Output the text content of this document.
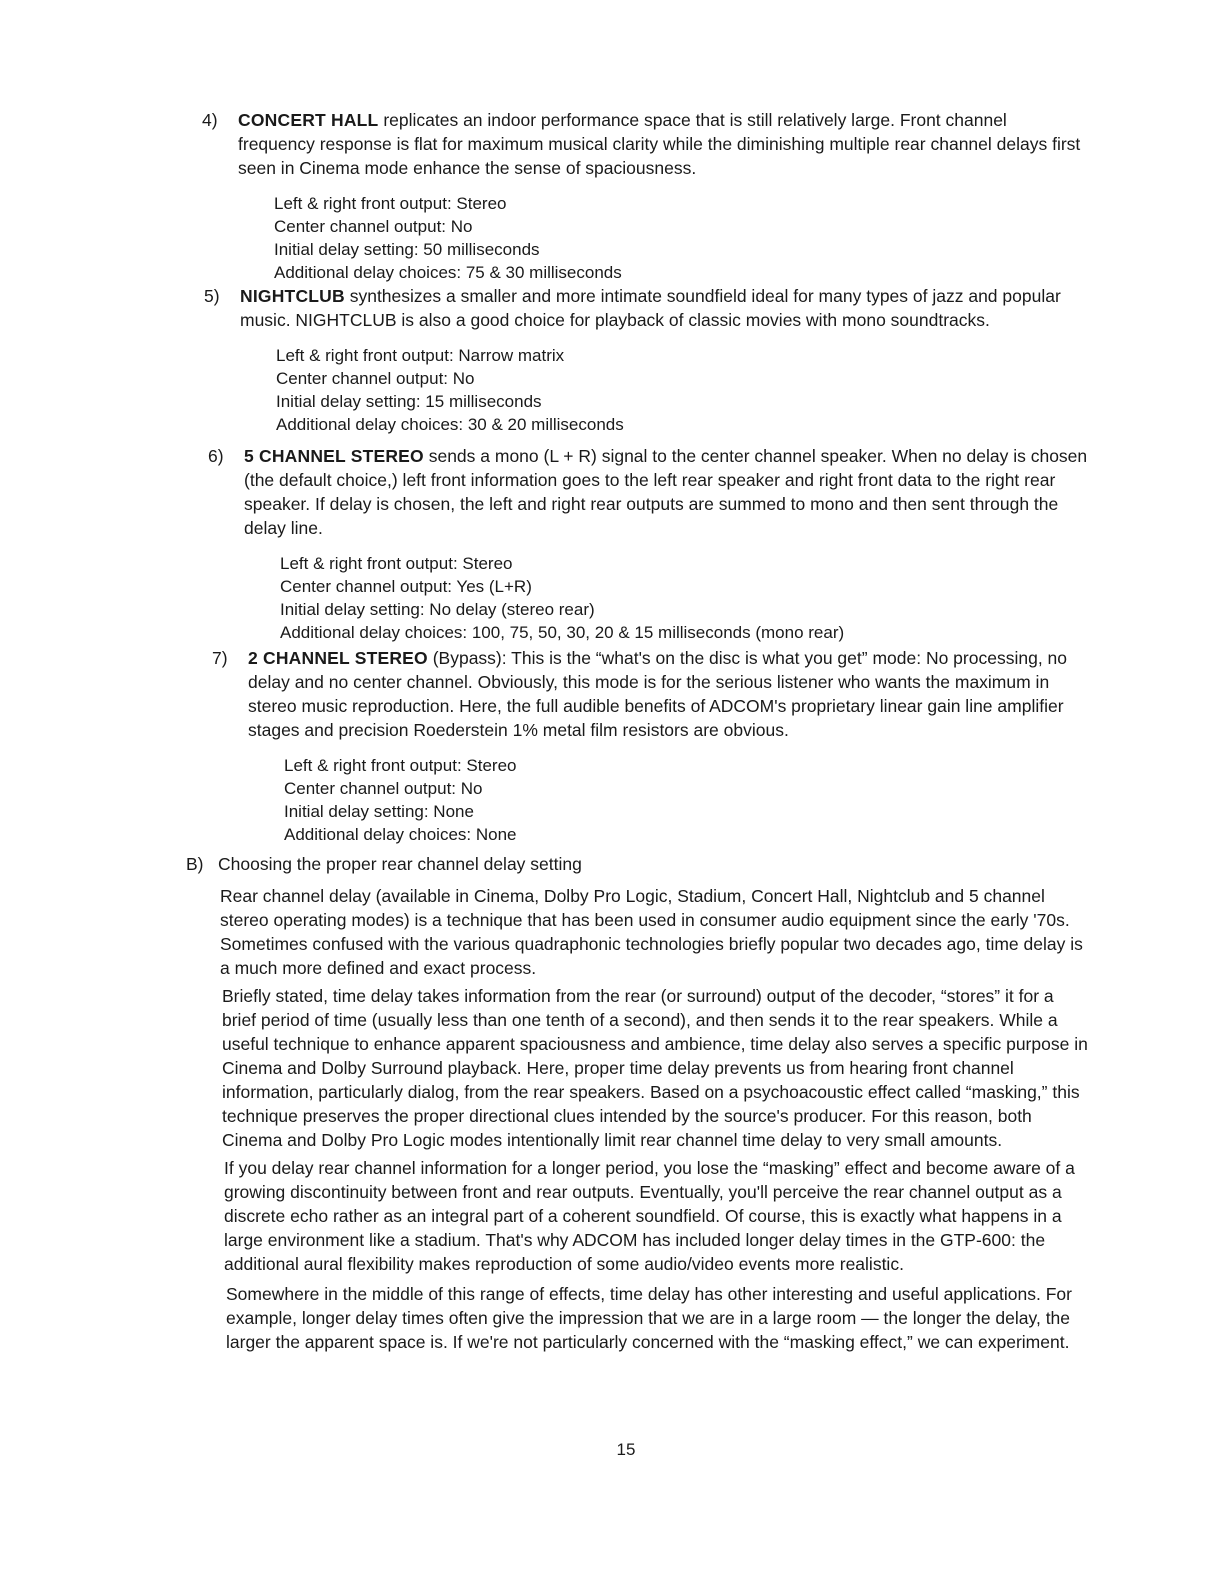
4)	CONCERT HALL replicates an indoor performance space that is still relatively large. Front channel frequency response is flat for maximum musical clarity while the diminishing multiple rear channel delays first seen in Cinema mode enhance the sense of spaciousness.
Left & right front output: Stereo
Center channel output: No
Initial delay setting: 50 milliseconds
Additional delay choices: 75 & 30 milliseconds
5)	NIGHTCLUB synthesizes a smaller and more intimate soundfield ideal for many types of jazz and popular music. NIGHTCLUB is also a good choice for playback of classic movies with mono soundtracks.
Left & right front output: Narrow matrix
Center channel output: No
Initial delay setting: 15 milliseconds
Additional delay choices: 30 & 20 milliseconds
6)	5 CHANNEL STEREO sends a mono (L + R) signal to the center channel speaker. When no delay is chosen (the default choice,) left front information goes to the left rear speaker and right front data to the right rear speaker. If delay is chosen, the left and right rear outputs are summed to mono and then sent through the delay line.
Left & right front output: Stereo
Center channel output: Yes (L+R)
Initial delay setting: No delay (stereo rear)
Additional delay choices: 100, 75, 50, 30, 20 & 15 milliseconds (mono rear)
7)	2 CHANNEL STEREO (Bypass): This is the “what's on the disc is what you get” mode: No processing, no delay and no center channel. Obviously, this mode is for the serious listener who wants the maximum in stereo music reproduction. Here, the full audible benefits of ADCOM's proprietary linear gain line amplifier stages and precision Roederstein 1% metal film resistors are obvious.
Left & right front output: Stereo
Center channel output: No
Initial delay setting: None
Additional delay choices: None
B) Choosing the proper rear channel delay setting
Rear channel delay (available in Cinema, Dolby Pro Logic, Stadium, Concert Hall, Nightclub and 5 channel stereo operating modes) is a technique that has been used in consumer audio equipment since the early '70s. Sometimes confused with the various quadraphonic technologies briefly popular two decades ago, time delay is a much more defined and exact process.
Briefly stated, time delay takes information from the rear (or surround) output of the decoder, “stores” it for a brief period of time (usually less than one tenth of a second), and then sends it to the rear speakers. While a useful technique to enhance apparent spaciousness and ambience, time delay also serves a specific purpose in Cinema and Dolby Surround playback. Here, proper time delay prevents us from hearing front channel information, particularly dialog, from the rear speakers. Based on a psychoacoustic effect called “masking,” this technique preserves the proper directional clues intended by the source's producer. For this reason, both Cinema and Dolby Pro Logic modes intentionally limit rear channel time delay to very small amounts.
If you delay rear channel information for a longer period, you lose the “masking” effect and become aware of a growing discontinuity between front and rear outputs. Eventually, you'll perceive the rear channel output as a discrete echo rather as an integral part of a coherent soundfield. Of course, this is exactly what happens in a large environment like a stadium. That's why ADCOM has included longer delay times in the GTP-600: the additional aural flexibility makes reproduction of some audio/video events more realistic.
Somewhere in the middle of this range of effects, time delay has other interesting and useful applications. For example, longer delay times often give the impression that we are in a large room — the longer the delay, the larger the apparent space is. If we're not particularly concerned with the “masking effect,” we can experiment.
15
